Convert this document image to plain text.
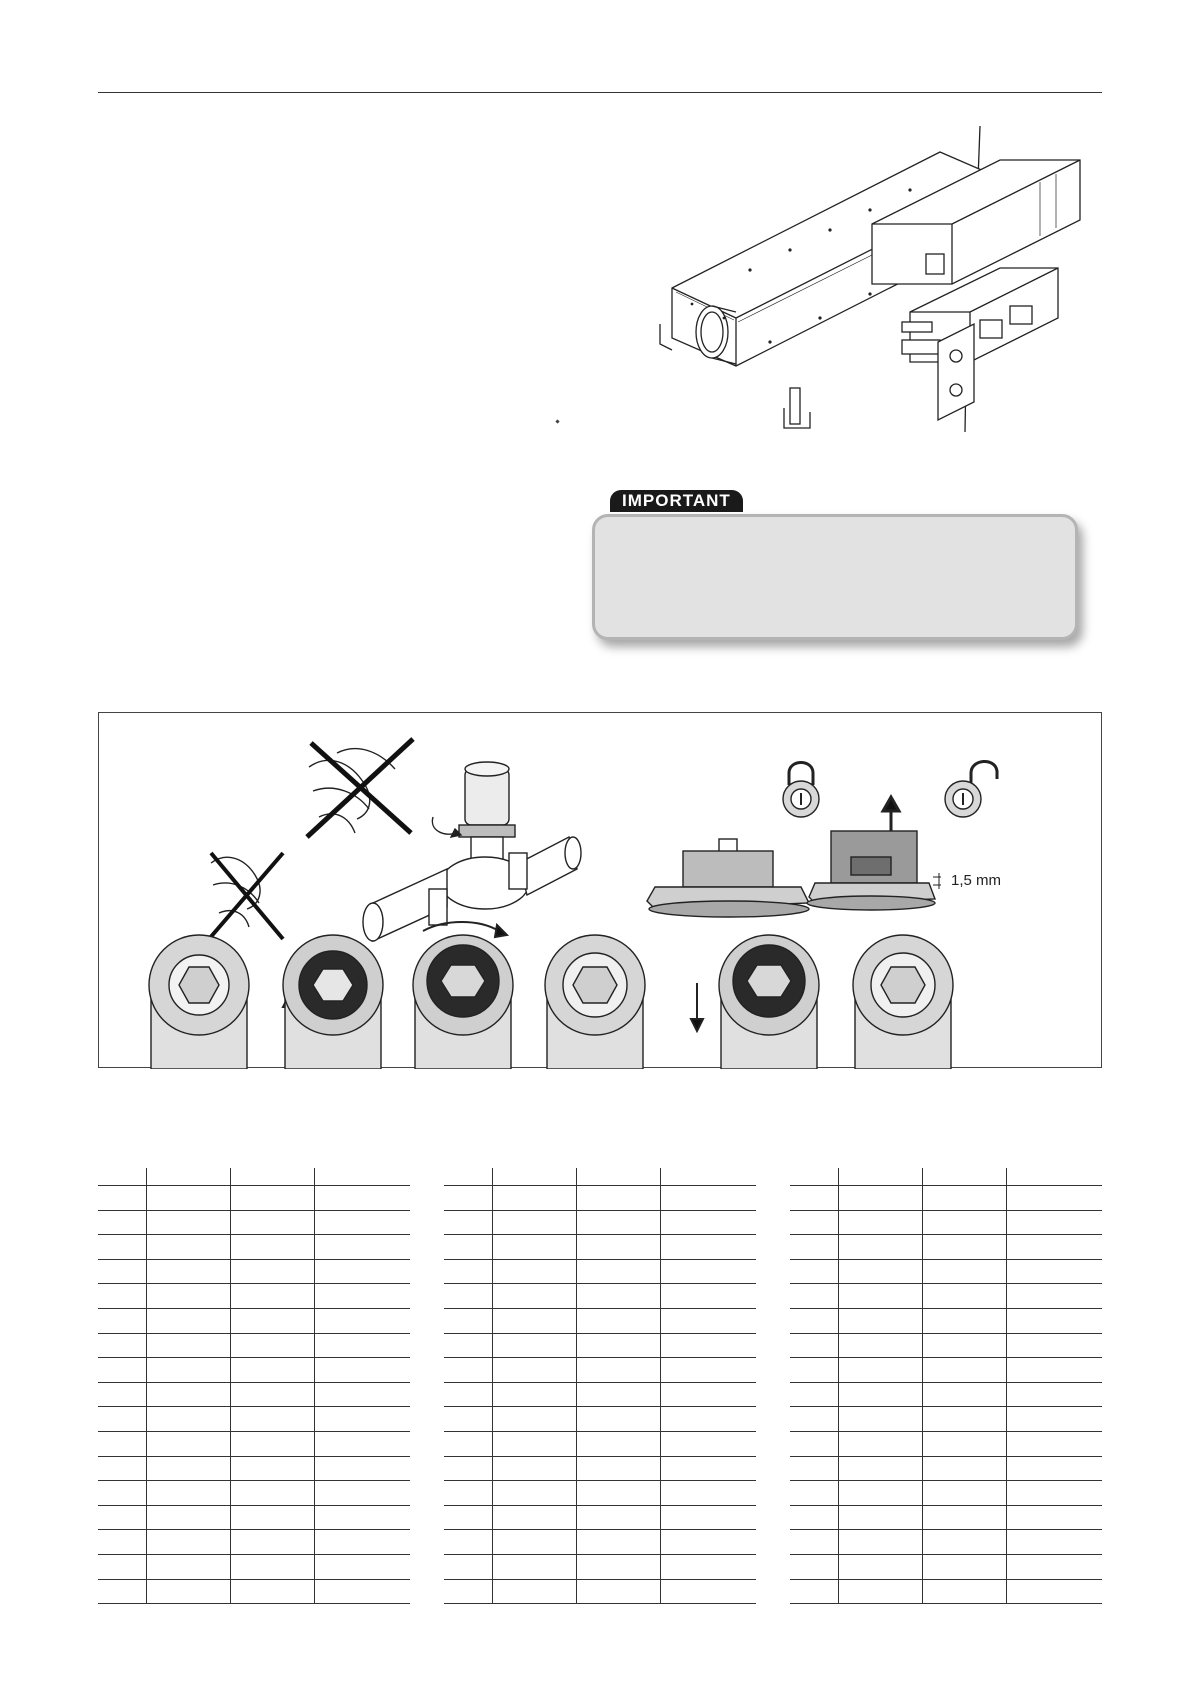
IMPORTANT
1,5 mm
